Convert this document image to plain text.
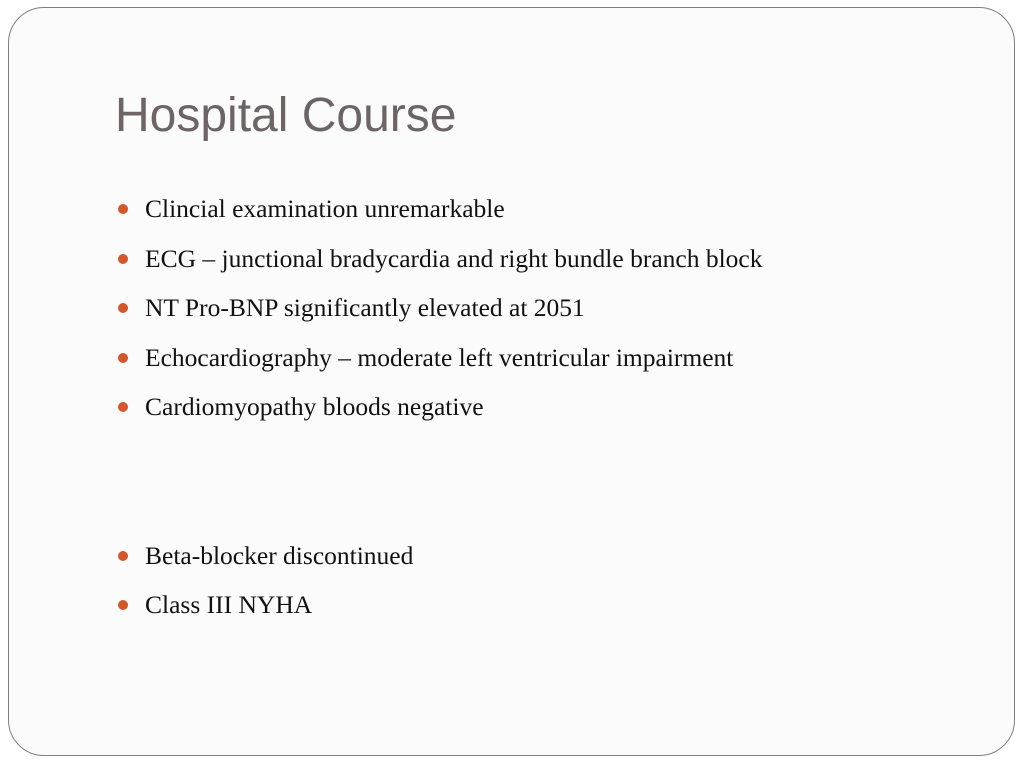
Hospital Course
Clincial examination unremarkable
ECG – junctional bradycardia and right bundle branch block
NT Pro-BNP significantly elevated at 2051
Echocardiography – moderate left ventricular impairment
Cardiomyopathy bloods negative
Beta-blocker discontinued
Class III NYHA
